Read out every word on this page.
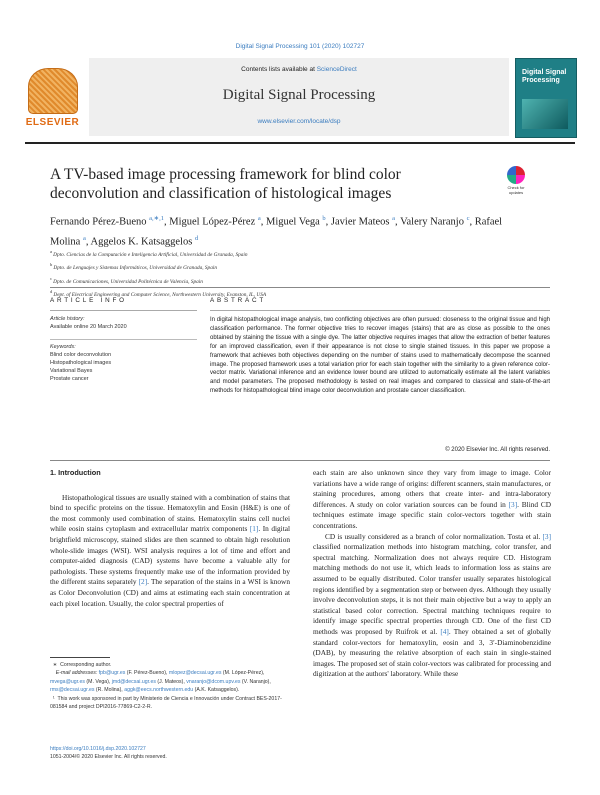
Digital Signal Processing 101 (2020) 102727
ELSEVIER
Contents lists available at ScienceDirect
Digital Signal Processing
www.elsevier.com/locate/dsp
Digital Signal Processing
A TV-based image processing framework for blind color deconvolution and classification of histological images	Check for updates
Fernando Pérez-Bueno $^{a,∗,1}$, Miguel López-Pérez $^a$, Miguel Vega $^b$, Javier Mateos $^a$, Valery Naranjo $^c$, Rafael Molina $^a$, Aggelos K. Katsaggelos $^d$
$^a$ Dpto. Ciencias de la Computación e Inteligencia Artificial, Universidad de Granada, Spain
$^b$ Dpto. de Lenguajes y Sistemas Informáticos, Universidad de Granada, Spain
$^c$ Dpto. de Comunicaciones, Universidad Politécnica de Valencia, Spain
$^d$ Dept. of Electrical Engineering and Computer Science, Northwestern University, Evanston, IL, USA
ARTICLE INFO	ABSTRACT
Article history:
Available online 20 March 2020
Keywords:
Blind color deconvolution
Histopathological images
Variational Bayes
Prostate cancer
In digital histopathological image analysis, two conflicting objectives are often pursued: closeness to the original tissue and high classification performance. The former objective tries to recover images (stains) that are as close as possible to the ones obtained by staining the tissue with a single dye. The latter objective requires images that allow the extraction of better features for an improved classification, even if their appearance is not close to single stained tissues. In this paper we propose a framework that achieves both objectives depending on the number of stains used to mathematically decompose the scanned image. The proposed framework uses a total variation prior for each stain together with the similarity to a given reference color-vector matrix. Variational inference and an evidence lower bound are utilized to automatically estimate all the latent variables and model parameters. The proposed methodology is tested on real images and compared to classical and state-of-the-art methods for histopathological blind image color deconvolution and prostate cancer classification.
© 2020 Elsevier Inc. All rights reserved.
1. Introduction

Histopathological tissues are usually stained with a combination of stains that bind to specific proteins on the tissue. Hematoxylin and Eosin (H&E) is one of the most commonly used combination of stains. Hematoxylin stains cell nuclei while eosin stains cytoplasm and extracellular matrix components [1]. In digital brightfield microscopy, stained slides are then scanned to obtain high resolution whole-slide images (WSI). WSI analysis requires a lot of time and effort and computer-aided diagnosis (CAD) systems have become a valuable ally for pathologists. These systems frequently make use of the information provided by the different stains separately [2]. The separation of the stains in a WSI is known as Color Deconvolution (CD) and aims at estimating each stain concentration at each pixel location. Usually, the color spectral properties of

each stain are also unknown since they vary from image to image. Color variations have a wide range of origins: different scanners, stain manufactures, or staining procedures, among others that create inter- and intra-laboratory differences. A study on color variation sources can be found in [3]. Blind CD techniques estimate image specific stain color-vectors together with stain concentrations.

CD is usually considered as a branch of color normalization. Tosta et al. [3] classified normalization methods into histogram matching, color transfer, and spectral matching. Normalization does not always require CD. Histogram matching methods do not use it, which leads to information loss as stains are assumed to be equally distributed. Color transfer usually separates histological regions identified by a segmentation step or between dyes. Although they usually involve deconvolution steps, it is not their main objective but a way to apply an statistical based color correction. Spectral matching techniques require to identify image specific spectral properties through CD. One of the first CD methods was proposed by Ruifrok et al. [4]. They obtained a set of globally standard color-vectors for hematoxylin, eosin and 3, 3′-Diaminobenzidine (DAB), by measuring the relative absorption of each stain in single-stained images. The proposed set of stain color-vectors was calibrated for processing and digitization at the authors' laboratory. While these

∗  Corresponding author.
E-mail addresses: fpb@ugr.es (F. Pérez-Bueno), mlopez@decsai.ugr.es (M. López-Pérez), mvega@ugr.es (M. Vega), jmd@decsai.ugr.es (J. Mateos), vnaranjo@dcom.upv.es (V. Naranjo), rms@decsai.ugr.es (R. Molina), aggk@eecs.northwestern.edu (A.K. Katsaggelos).
¹  This work was sponsored in part by Ministerio de Ciencia e Innovación under Contract BES-2017-081584 and project DPI2016-77869-C2-2-R.
https://doi.org/10.1016/j.dsp.2020.102727
1051-2004/© 2020 Elsevier Inc. All rights reserved.
